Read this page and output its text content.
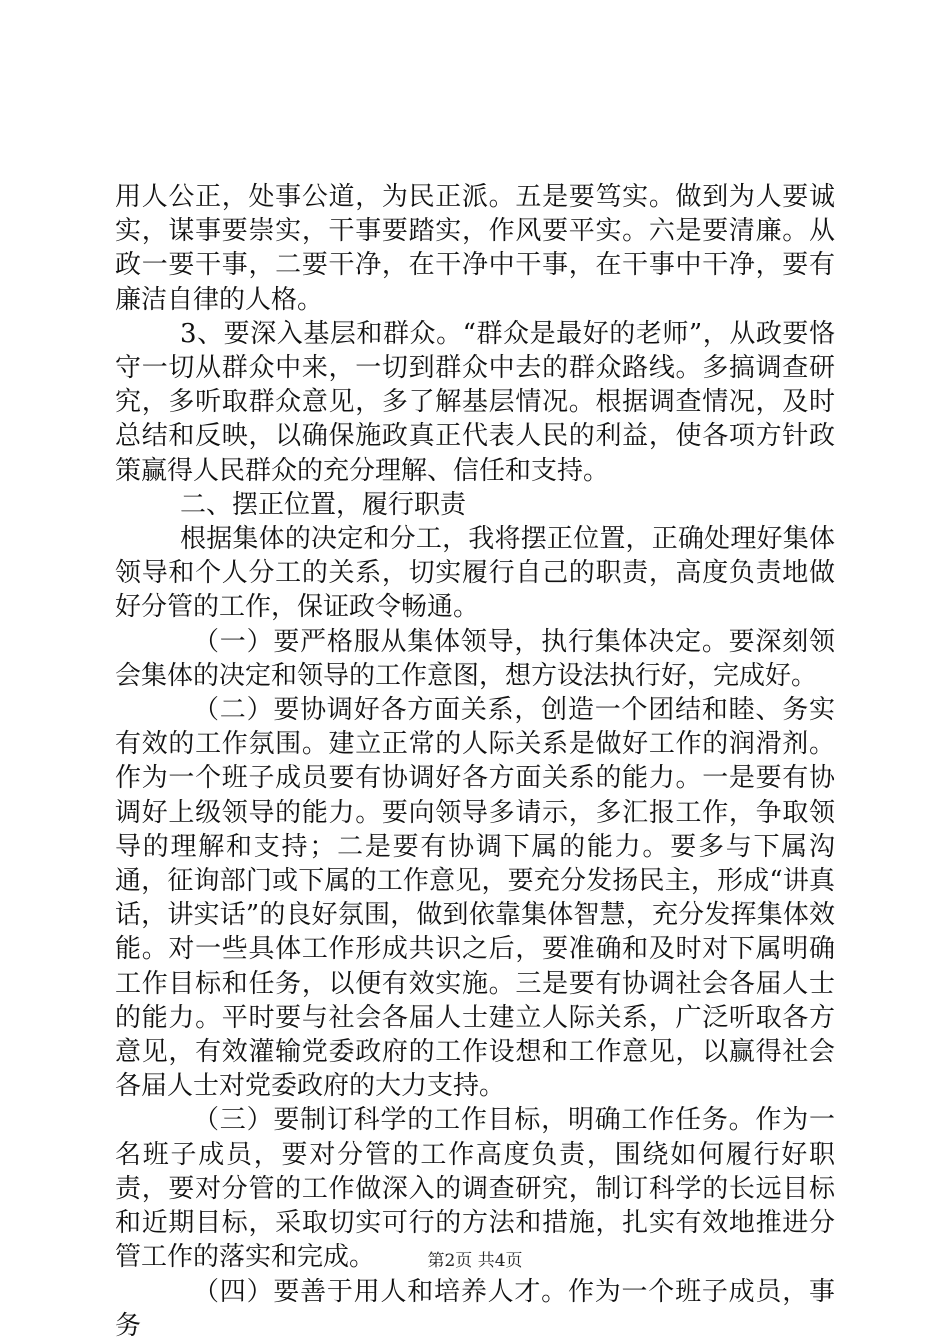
用人公正，处事公道，为民正派。五是要笃实。做到为人要诚实，谋事要崇实，干事要踏实，作风要平实。六是要清廉。从政一要干事，二要干净，在干净中干事，在干事中干净，要有廉洁自律的人格。

3、要深入基层和群众。“群众是最好的老师”，从政要恪守一切从群众中来，一切到群众中去的群众路线。多搞调查研究，多听取群众意见，多了解基层情况。根据调查情况，及时总结和反映，以确保施政真正代表人民的利益，使各项方针政策赢得人民群众的充分理解、信任和支持。

二、摆正位置，履行职责

根据集体的决定和分工，我将摆正位置，正确处理好集体领导和个人分工的关系，切实履行自己的职责，高度负责地做好分管的工作，保证政令畅通。

（一）要严格服从集体领导，执行集体决定。要深刻领会集体的决定和领导的工作意图，想方设法执行好，完成好。

（二）要协调好各方面关系，创造一个团结和睦、务实有效的工作氛围。建立正常的人际关系是做好工作的润滑剂。作为一个班子成员要有协调好各方面关系的能力。一是要有协调好上级领导的能力。要向领导多请示，多汇报工作，争取领导的理解和支持；二是要有协调下属的能力。要多与下属沟通，征询部门或下属的工作意见，要充分发扬民主，形成“讲真话，讲实话”的良好氛围，做到依靠集体智慧，充分发挥集体效能。对一些具体工作形成共识之后，要准确和及时对下属明确工作目标和任务，以便有效实施。三是要有协调社会各届人士的能力。平时要与社会各届人士建立人际关系，广泛听取各方意见，有效灌输党委政府的工作设想和工作意见，以赢得社会各届人士对党委政府的大力支持。

（三）要制订科学的工作目标，明确工作任务。作为一名班子成员，要对分管的工作高度负责，围绕如何履行好职责，要对分管的工作做深入的调查研究，制订科学的长远目标和近期目标，采取切实可行的方法和措施，扎实有效地推进分管工作的落实和完成。

（四）要善于用人和培养人才。作为一个班子成员，事务

第2页 共4页
